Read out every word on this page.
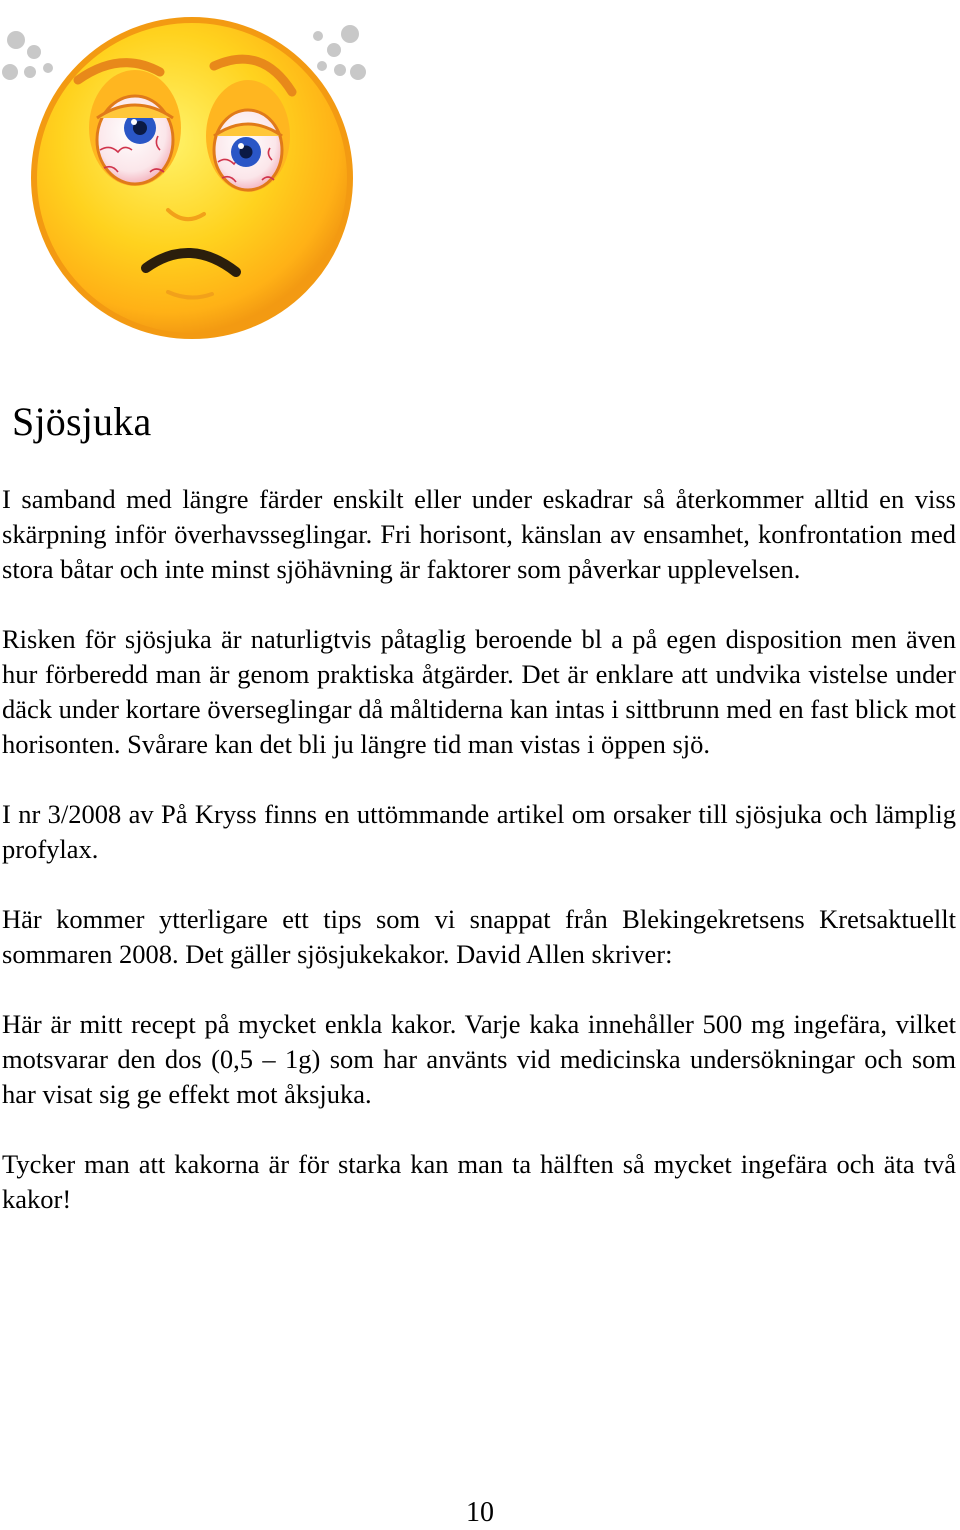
Sjösjuka

I samband med längre färder enskilt eller under eskadrar så återkommer alltid en viss skärpning inför överhavsseglingar. Fri horisont, känslan av ensamhet, konfrontation med stora båtar och inte minst sjöhävning är faktorer som påverkar upplevelsen.

Risken för sjösjuka är naturligtvis påtaglig beroende bl a på egen disposition men även hur förberedd man är genom praktiska åtgärder. Det är enklare att undvika vistelse under däck under kortare överseglingar då måltiderna kan intas i sittbrunn med en fast blick mot horisonten. Svårare kan det bli ju längre tid man vistas i öppen sjö.

I nr 3/2008 av På Kryss finns en uttömmande artikel om orsaker till sjösjuka och lämplig profylax.

Här kommer ytterligare ett tips som vi snappat från Blekingekretsens Kretsaktuellt sommaren 2008. Det gäller sjösjukekakor. David Allen skriver:

Här är mitt recept på mycket enkla kakor. Varje kaka innehåller 500 mg ingefära, vilket motsvarar den dos (0,5 – 1g) som har använts vid medicinska undersökningar och som har visat sig ge effekt mot åksjuka.

Tycker man att kakorna är för starka kan man ta hälften så mycket ingefära och äta två kakor!

10
